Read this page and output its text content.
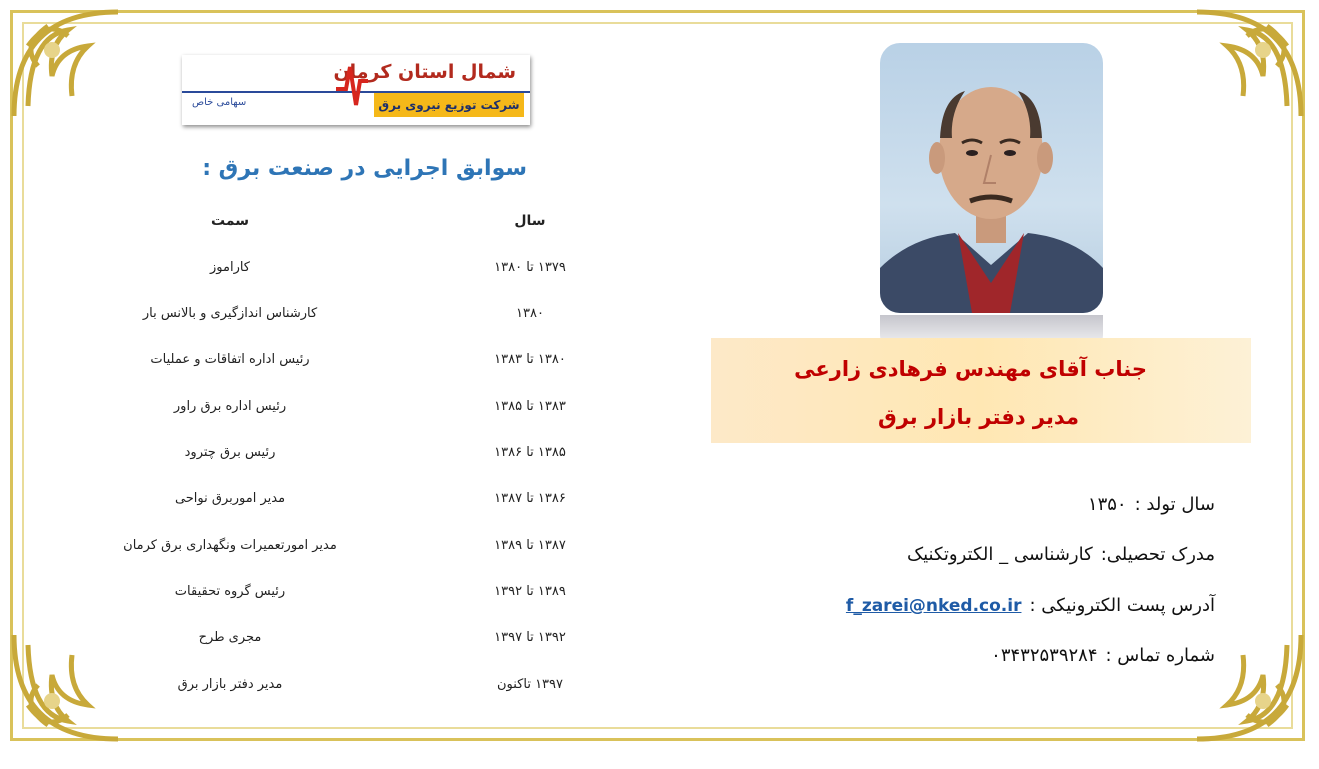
شمال استان کرمان
شرکت توزیع نیروی برق
سهامی خاص
سوابق اجرایی در صنعت برق :
سمت	سال
۱۳۷۹ تا ۱۳۸۰
کاراموز
۱۳۸۰
کارشناس اندازگیری و بالانس بار
۱۳۸۰ تا ۱۳۸۳
رئیس اداره اتفاقات و عملیات
۱۳۸۳ تا ۱۳۸۵
رئیس اداره برق راور
۱۳۸۵ تا ۱۳۸۶
رئیس برق چترود
۱۳۸۶ تا ۱۳۸۷
مدیر اموربرق نواحی
۱۳۸۷ تا ۱۳۸۹
مدیر امورتعمیرات ونگهداری برق کرمان
۱۳۸۹ تا ۱۳۹۲
رئیس گروه تحقیقات
۱۳۹۲ تا ۱۳۹۷
مجری طرح
۱۳۹۷ تاکنون
مدیر دفتر بازار برق
جناب آقای مهندس فرهادی زارعی
مدیر دفتر بازار برق
سال تولد :۱۳۵۰
مدرک تحصیلی:کارشناسی _ الکتروتکنیک
آدرس پست الکترونیکی :f_zarei@nked.co.ir
شماره تماس :۰۳۴۳۲۵۳۹۲۸۴
